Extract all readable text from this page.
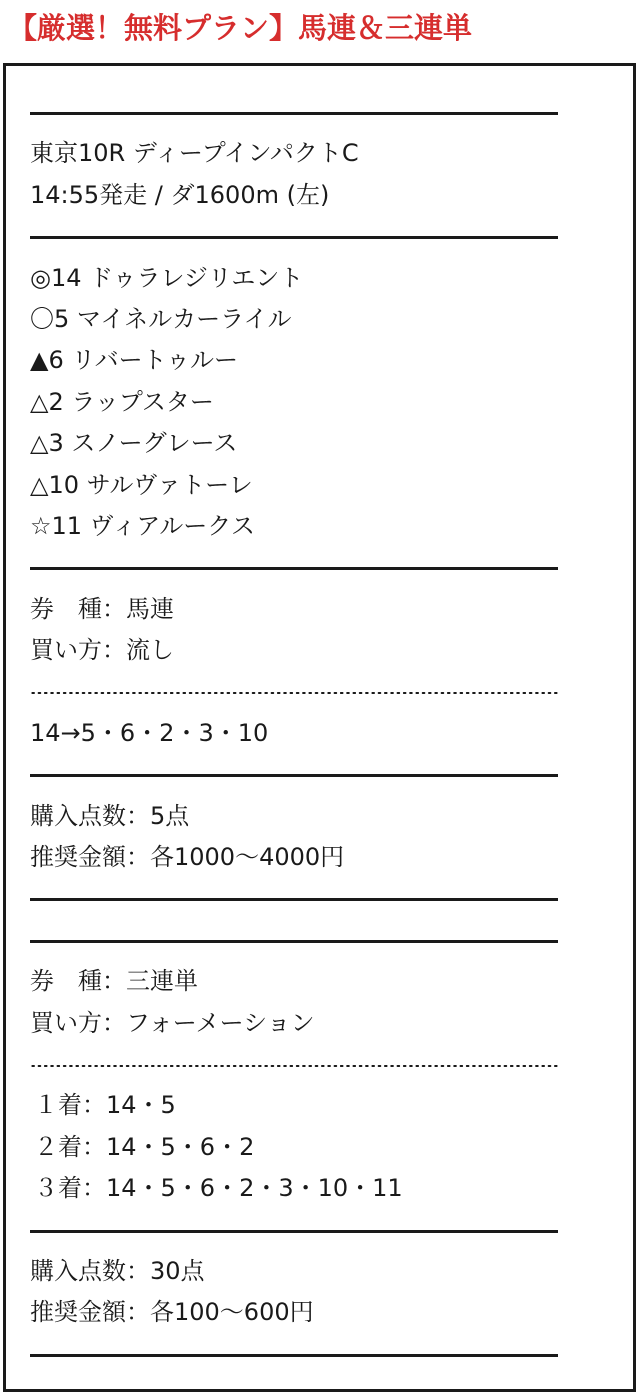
【厳選！無料プラン】馬連＆三連単
東京10R ディープインパクトC
14:55発走 / ダ1600m (左)
◎14 ドゥラレジリエント
〇5 マイネルカーライル
▲6 リバートゥルー
△2 ラップスター
△3 スノーグレース
△10 サルヴァトーレ
☆11 ヴィアルークス
券　種：馬連
買い方：流し
14→5・6・2・3・10
購入点数：5点
推奨金額：各1000～4000円
券　種：三連単
買い方：フォーメーション
１着：14・5
２着：14・5・6・2
３着：14・5・6・2・3・10・11
購入点数：30点
推奨金額：各100～600円
